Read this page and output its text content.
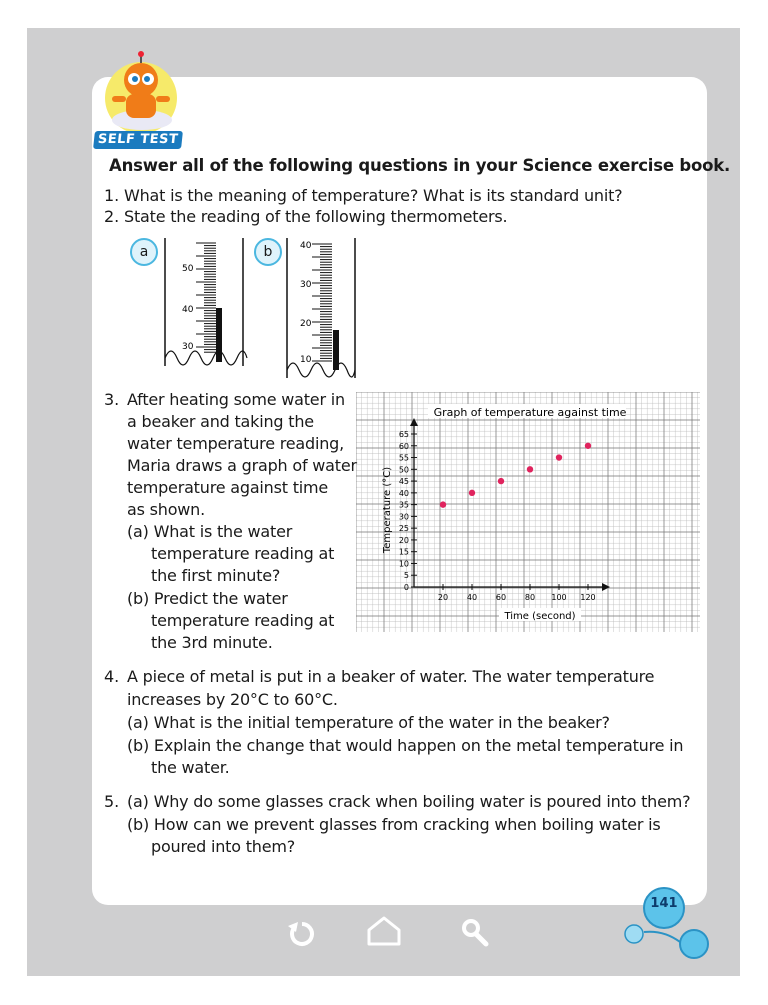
SELF TEST
Answer all of the following questions in your Science exercise book.
1. What is the meaning of temperature? What is its standard unit?
2. State the reading of the following thermometers.
a
50
40
30
b	40
30
20
10
3. After heating some water in
a beaker and taking the
water temperature reading,
Maria draws a graph of water
temperature against time
as shown.
(a) What is the water
temperature reading at
the first minute?
(b) Predict the water
temperature reading at
the 3rd minute.
Graph of temperature against time
0
5
10
15
20
25
30
35
40
45
50
55
60
65
20 40 60 80 100 120
Temperature (°C)
Time (second)
4. A piece of metal is put in a beaker of water. The water temperature
increases by 20°C to 60°C.
(a) What is the initial temperature of the water in the beaker?
(b) Explain the change that would happen on the metal temperature in
the water.
5. (a) Why do some glasses crack when boiling water is poured into them?
(b) How can we prevent glasses from cracking when boiling water is
poured into them?
141
